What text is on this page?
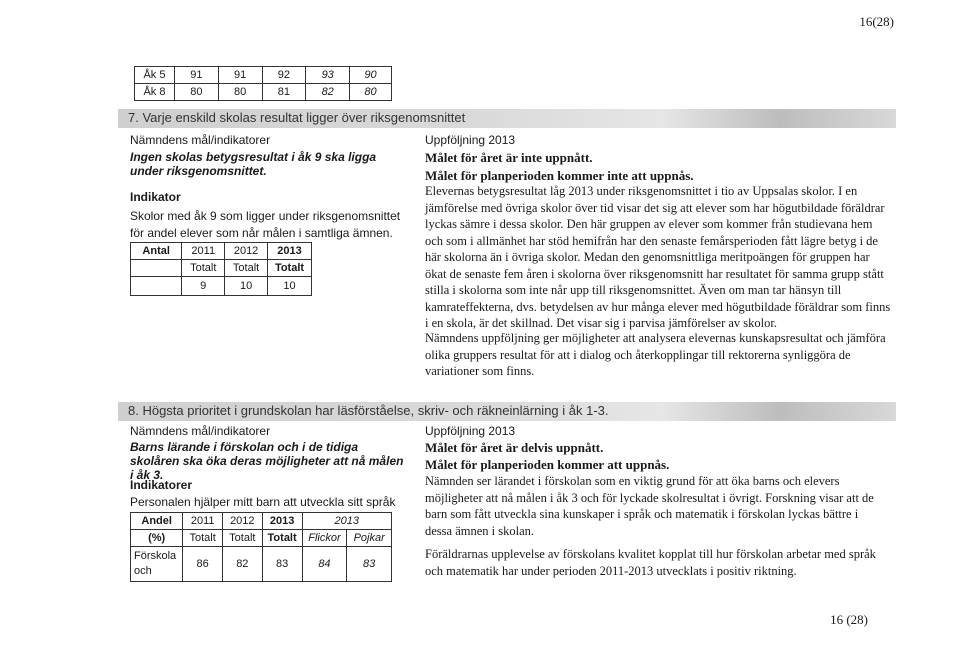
16(28)
Åk 5	91	91	92	93	90
Åk 8	80	80	81	82	80
7. Varje enskild skolas resultat ligger över riksgenomsnittet
Nämndens mål/indikatorer
Ingen skolas betygsresultat i åk 9 ska ligga under riksgenomsnittet.
Indikator
Skolor med åk 9 som ligger under riksgenomsnittet för andel elever som når målen i samtliga ämnen.
Antal	2011	2012	2013
	Totalt	Totalt	Totalt
	9	10	10
Uppföljning 2013
Målet för året är inte uppnått.
Målet för planperioden kommer inte att uppnås.
Elevernas betygsresultat låg 2013 under riksgenomsnittet i tio av Uppsalas skolor. I en jämförelse med övriga skolor över tid visar det sig att elever som har högutbildade föräldrar lyckas sämre i dessa skolor. Den här gruppen av elever som kommer från studievana hem och som i allmänhet har stöd hemifrån har den senaste femårsperioden fått lägre betyg i de här skolorna än i övriga skolor. Medan den genomsnittliga meritpoängen för gruppen har ökat de senaste fem åren i skolorna över riksgenomsnitt har resultatet för samma grupp stått stilla i skolorna som inte når upp till riksgenomsnittet. Även om man tar hänsyn till kamrateffekterna, dvs. betydelsen av hur många elever med högutbildade föräldrar som finns i en skola, är det skillnad. Det visar sig i parvisa jämförelser av skolor.
Nämndens uppföljning ger möjligheter att analysera elevernas kunskapsresultat och jämföra olika gruppers resultat för att i dialog och återkopplingar till rektorerna synliggöra de variationer som finns.
8. Högsta prioritet i grundskolan har läsförståelse, skriv- och räkneinlärning i åk 1-3.
Nämndens mål/indikatorer
Barns lärande i förskolan och i de tidiga skolåren ska öka deras möjligheter att nå målen i åk 3.
Indikatorer
Personalen hjälper mitt barn att utveckla sitt språk
Andel	2011	2012	2013	2013	
(%)	Totalt	Totalt	Totalt	Flickor	Pojkar
Förskola och	86	82	83	84	83
Uppföljning 2013
Målet för året är delvis uppnått.
Målet för planperioden kommer att uppnås.
Nämnden ser lärandet i förskolan som en viktig grund för att öka barns och elevers möjligheter att nå målen i åk 3 och för lyckade skolresultat i övrigt. Forskning visar att de barn som fått utveckla sina kunskaper i språk och matematik i förskolan lyckas bättre i dessa ämnen i skolan.
Föräldrarnas upplevelse av förskolans kvalitet kopplat till hur förskolan arbetar med språk och matematik har under perioden 2011-2013 utvecklats i positiv riktning.
16 (28)
